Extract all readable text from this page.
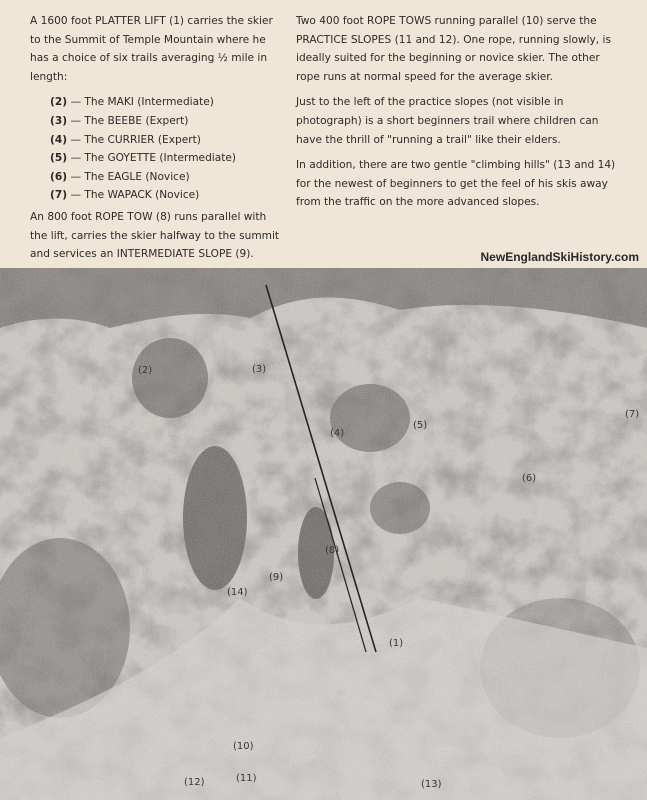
A 1600 foot PLATTER LIFT (1) carries the skier to the Summit of Temple Mountain where he has a choice of six trails averaging ½ mile in length:

(2) — The MAKI (Intermediate)
(3) — The BEEBE (Expert)
(4) — The CURRIER (Expert)
(5) — The GOYETTE (Intermediate)
(6) — The EAGLE (Novice)
(7) — The WAPACK (Novice)

An 800 foot ROPE TOW (8) runs parallel with the lift, carries the skier halfway to the summit and services an INTERMEDIATE SLOPE (9).

Two 400 foot ROPE TOWS running parallel (10) serve the PRACTICE SLOPES (11 and 12). One rope, running slowly, is ideally suited for the beginning or novice skier. The other rope runs at normal speed for the average skier.

Just to the left of the practice slopes (not visible in photograph) is a short beginners trail where children can have the thrill of "running a trail" like their elders.

In addition, there are two gentle "climbing hills" (13 and 14) for the newest of beginners to get the feel of his skis away from the traffic on the more advanced slopes.

NewEnglandSkiHistory.com
(1)
(2)	(3)
(4)
(5)
(6)
(7)
(8)
(9)
(10)
(11)
(12)	(13)
(14)
